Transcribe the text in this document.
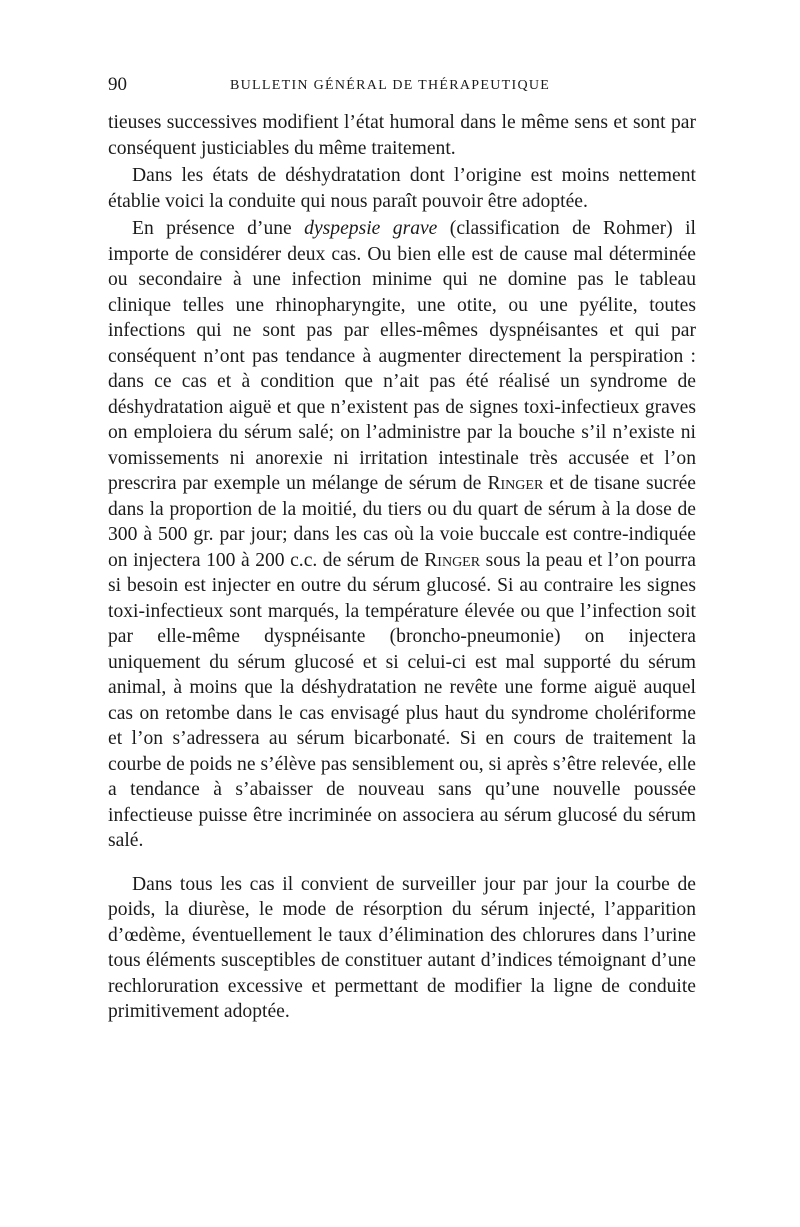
90	BULLETIN GÉNÉRAL DE THÉRAPEUTIQUE

tieuses successives modifient l’état humoral dans le même sens et sont par conséquent justiciables du même traitement.

Dans les états de déshydratation dont l’origine est moins nettement établie voici la conduite qui nous paraît pouvoir être adoptée.

En présence d’une dyspepsie grave (classification de Rohmer) il importe de considérer deux cas. Ou bien elle est de cause mal déterminée ou secondaire à une infection minime qui ne domine pas le tableau clinique telles une rhinopharyngite, une otite, ou une pyélite, toutes infections qui ne sont pas par elles-mêmes dyspnéisantes et qui par conséquent n’ont pas tendance à augmenter directement la perspiration : dans ce cas et à condition que n’ait pas été réalisé un syndrome de déshydratation aiguë et que n’existent pas de signes toxi-infectieux graves on emploiera du sérum salé; on l’administre par la bouche s’il n’existe ni vomissements ni anorexie ni irritation intestinale très accusée et l’on prescrira par exemple un mélange de sérum de Ringer et de tisane sucrée dans la proportion de la moitié, du tiers ou du quart de sérum à la dose de 300 à 500 gr. par jour; dans les cas où la voie buccale est contre-indiquée on injectera 100 à 200 c.c. de sérum de Ringer sous la peau et l’on pourra si besoin est injecter en outre du sérum glucosé. Si au contraire les signes toxi-infectieux sont marqués, la température élevée ou que l’infection soit par elle-même dyspnéisante (broncho-pneumonie) on injectera uniquement du sérum glucosé et si celui-ci est mal supporté du sérum animal, à moins que la déshydratation ne revête une forme aiguë auquel cas on retombe dans le cas envisagé plus haut du syndrome cholériforme et l’on s’adressera au sérum bicarbonaté. Si en cours de traitement la courbe de poids ne s’élève pas sensiblement ou, si après s’être relevée, elle a tendance à s’abaisser de nouveau sans qu’une nouvelle poussée infectieuse puisse être incriminée on associera au sérum glucosé du sérum salé.

Dans tous les cas il convient de surveiller jour par jour la courbe de poids, la diurèse, le mode de résorption du sérum injecté, l’apparition d’œdème, éventuellement le taux d’élimination des chlorures dans l’urine tous éléments susceptibles de constituer autant d’indices témoignant d’une rechloruration excessive et permettant de modifier la ligne de conduite primitivement adoptée.
